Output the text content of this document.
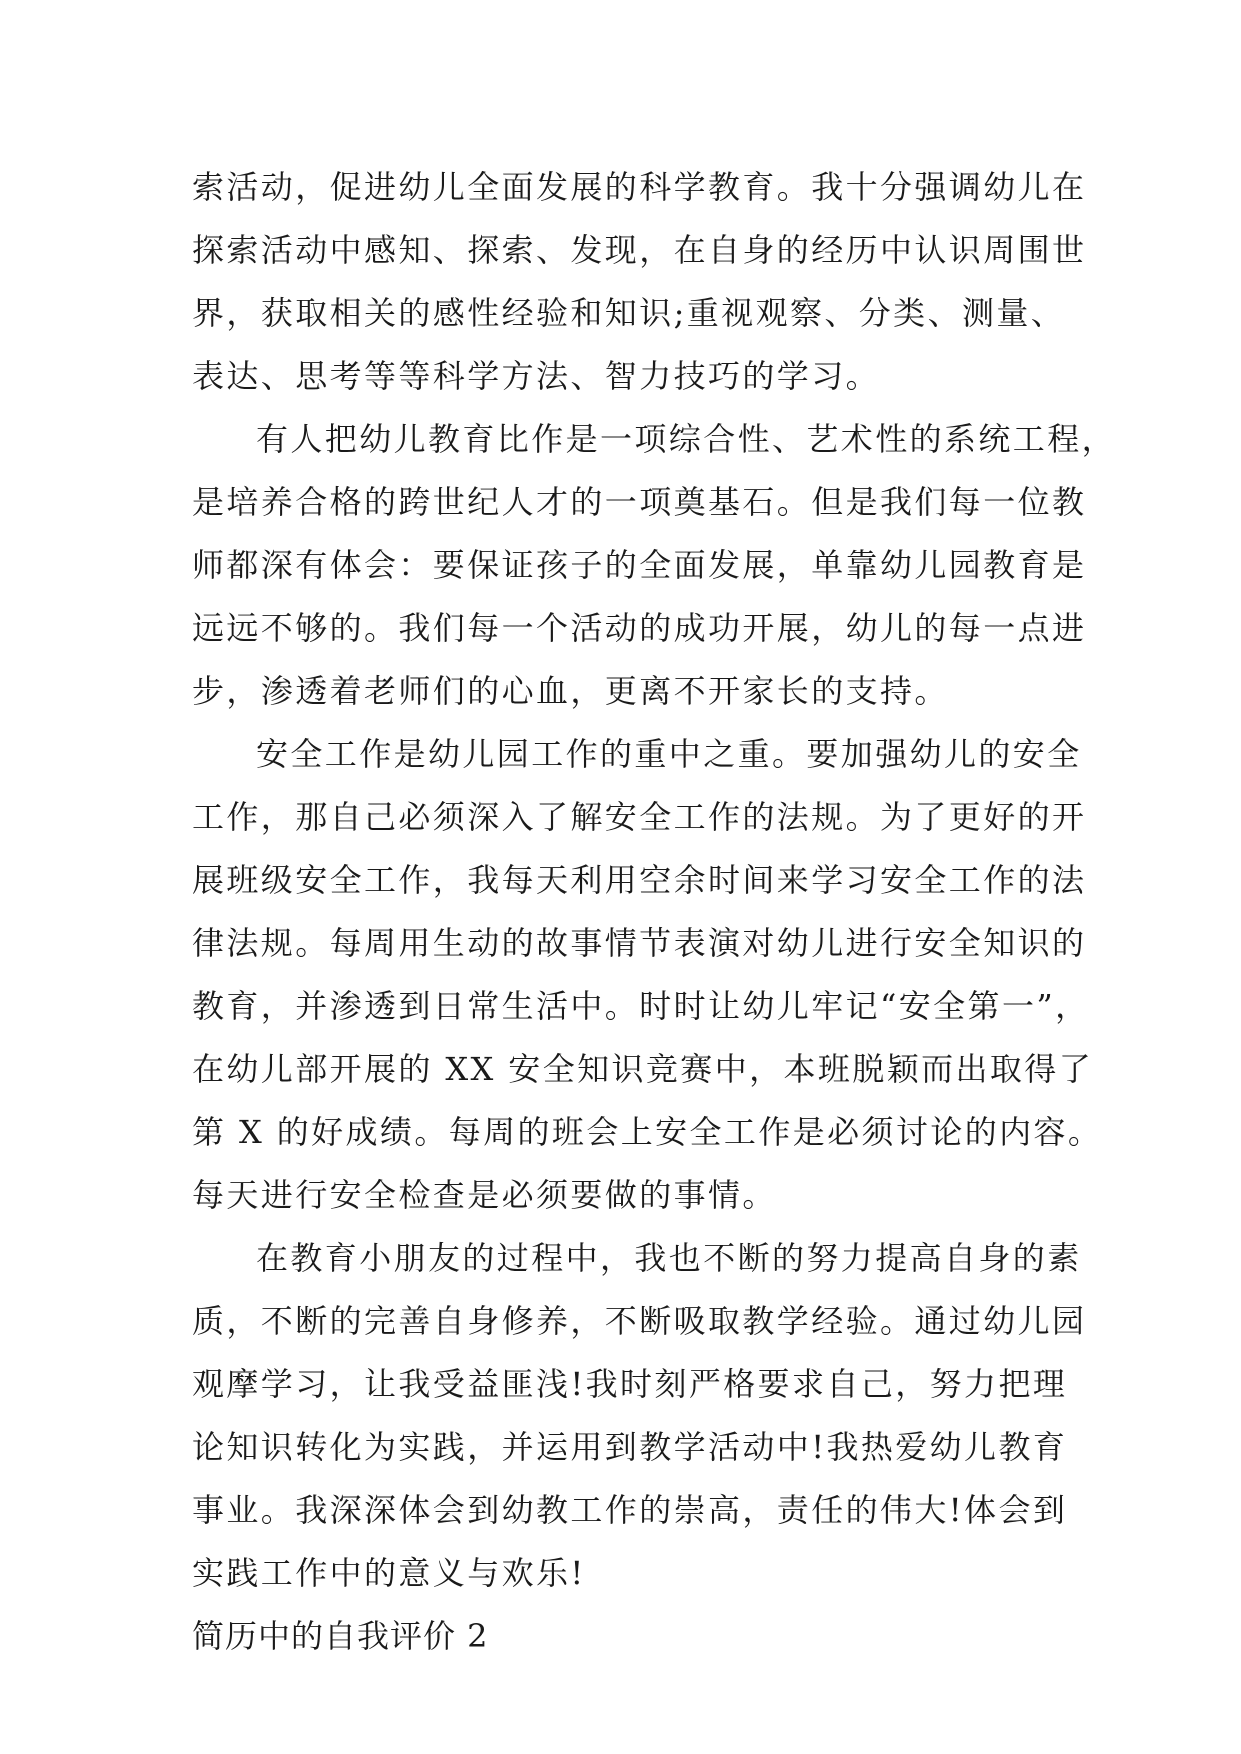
索活动，促进幼儿全面发展的科学教育。我十分强调幼儿在
探索活动中感知、探索、发现，在自身的经历中认识周围世
界，获取相关的感性经验和知识;重视观察、分类、测量、
表达、思考等等科学方法、智力技巧的学习。
有人把幼儿教育比作是一项综合性、艺术性的系统工程，
是培养合格的跨世纪人才的一项奠基石。但是我们每一位教
师都深有体会：要保证孩子的全面发展，单靠幼儿园教育是
远远不够的。我们每一个活动的成功开展，幼儿的每一点进
步，渗透着老师们的心血，更离不开家长的支持。
安全工作是幼儿园工作的重中之重。要加强幼儿的安全
工作，那自己必须深入了解安全工作的法规。为了更好的开
展班级安全工作，我每天利用空余时间来学习安全工作的法
律法规。每周用生动的故事情节表演对幼儿进行安全知识的
教育，并渗透到日常生活中。时时让幼儿牢记“安全第一”，
在幼儿部开展的 XX 安全知识竞赛中，本班脱颖而出取得了
第 X 的好成绩。每周的班会上安全工作是必须讨论的内容。
每天进行安全检查是必须要做的事情。
在教育小朋友的过程中，我也不断的努力提高自身的素
质，不断的完善自身修养，不断吸取教学经验。通过幼儿园
观摩学习，让我受益匪浅!我时刻严格要求自己，努力把理
论知识转化为实践，并运用到教学活动中!我热爱幼儿教育
事业。我深深体会到幼教工作的崇高，责任的伟大!体会到
实践工作中的意义与欢乐!
简历中的自我评价 2
